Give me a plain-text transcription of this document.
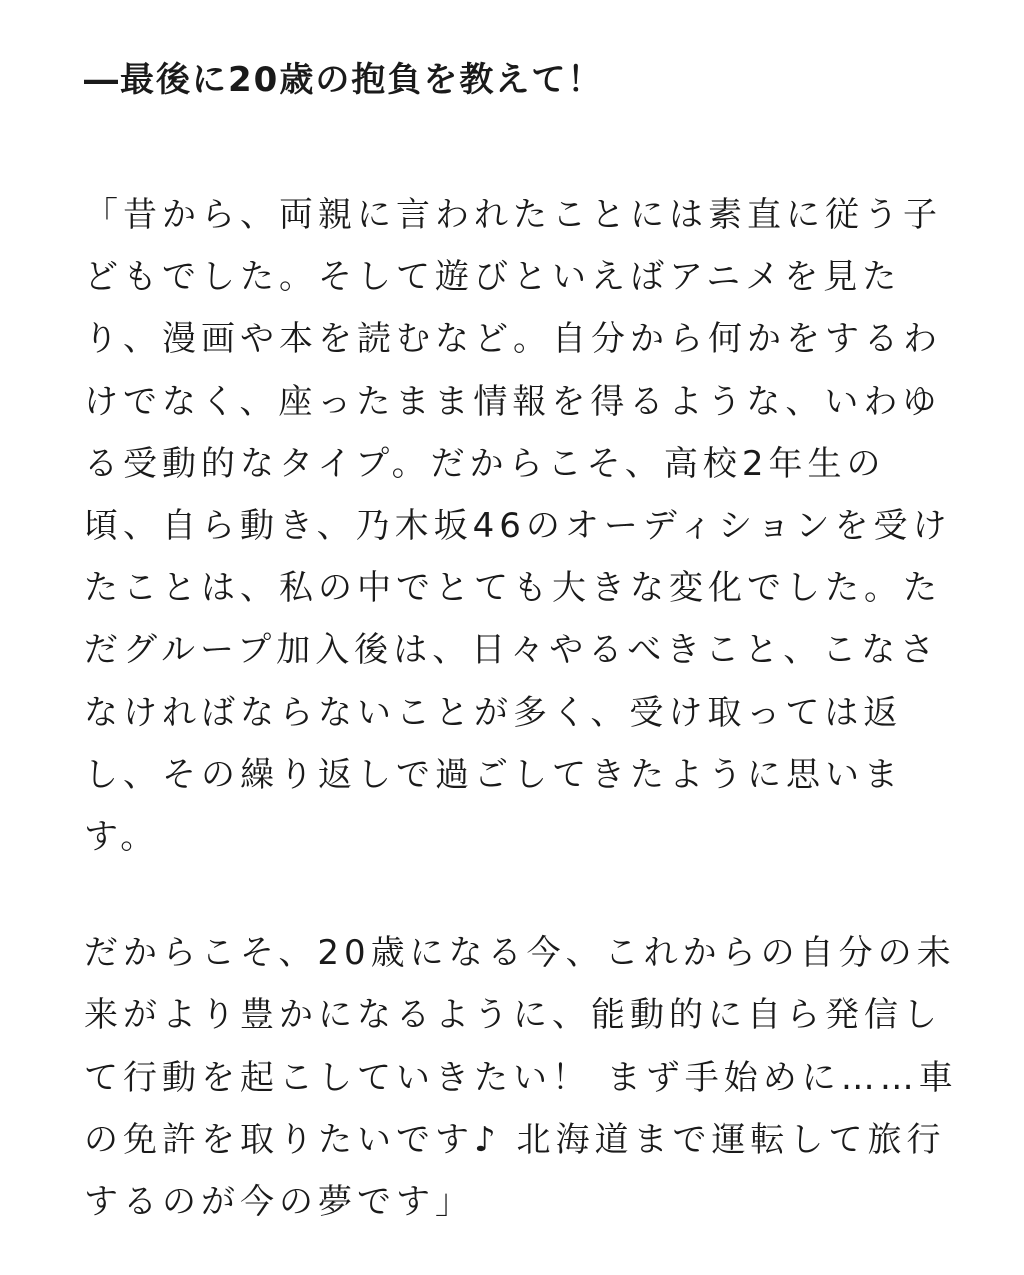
―最後に20歳の抱負を教えて！

「昔から、両親に言われたことには素直に従う子
どもでした。そして遊びといえばアニメを見た
り、漫画や本を読むなど。自分から何かをするわ
けでなく、座ったまま情報を得るような、いわゆ
る受動的なタイプ。だからこそ、高校2年生の
頃、自ら動き、乃木坂46のオーディションを受け
たことは、私の中でとても大きな変化でした。た
だグループ加入後は、日々やるべきこと、こなさ
なければならないことが多く、受け取っては返
し、その繰り返しで過ごしてきたように思いま
す。

だからこそ、20歳になる今、これからの自分の未
来がより豊かになるように、能動的に自ら発信し
て行動を起こしていきたい！ まず手始めに……車
の免許を取りたいです♪ 北海道まで運転して旅行
するのが今の夢です」
